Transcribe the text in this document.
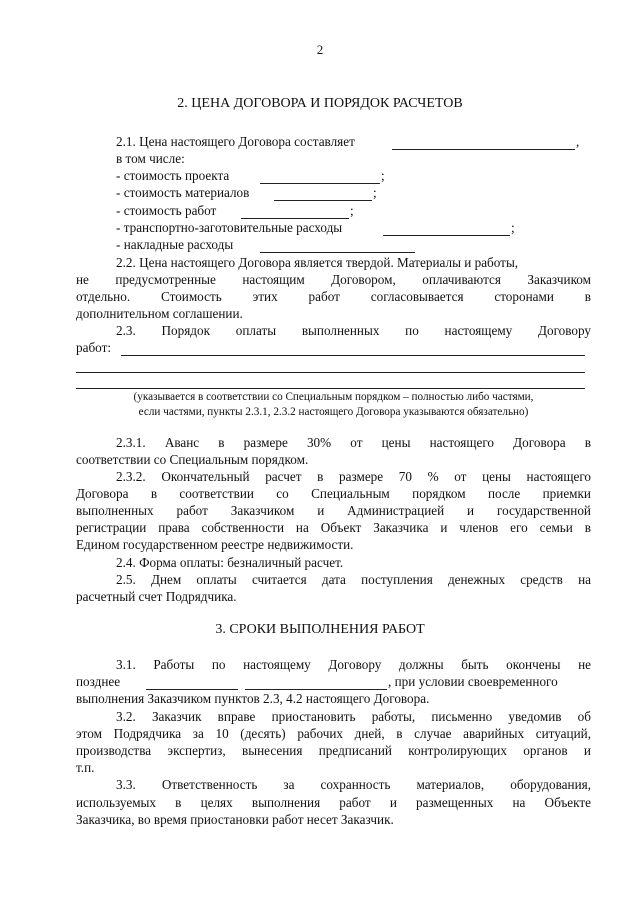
2
2. ЦЕНА ДОГОВОРА И ПОРЯДОК РАСЧЕТОВ
2.1. Цена настоящего Договора составляет	,
в том числе:
- стоимость проекта	;
- стоимость материалов	;
- стоимость работ	;
- транспортно-заготовительные расходы	;
- накладные расходы
2.2. Цена настоящего Договора является твердой. Материалы и работы,
не предусмотренные настоящим Договором, оплачиваются Заказчиком
отдельно. Стоимость этих работ согласовывается сторонами в
дополнительном соглашении.
2.3. Порядок оплаты выполненных по настоящему Договору
работ:
(указывается в соответствии со Специальным порядком – полностью либо частями,
если частями, пункты 2.3.1, 2.3.2 настоящего Договора указываются обязательно)
2.3.1. Аванс в размере 30% от цены настоящего Договора в
соответствии со Специальным порядком.
2.3.2. Окончательный расчет в размере 70 % от цены настоящего
Договора в соответствии со Специальным порядком после приемки
выполненных работ Заказчиком и Администрацией и государственной
регистрации права собственности на Объект Заказчика и членов его семьи в
Едином государственном реестре недвижимости.
2.4. Форма оплаты: безналичный расчет.
2.5. Днем оплаты считается дата поступления денежных средств на
расчетный счет Подрядчика.
3. СРОКИ ВЫПОЛНЕНИЯ РАБОТ
3.1. Работы по настоящему Договору должны быть окончены не
позднее	, при условии своевременного
выполнения Заказчиком пунктов 2.3, 4.2 настоящего Договора.
3.2. Заказчик вправе приостановить работы, письменно уведомив об
этом Подрядчика за 10 (десять) рабочих дней, в случае аварийных ситуаций,
производства экспертиз, вынесения предписаний контролирующих органов и
т.п.
3.3. Ответственность за сохранность материалов, оборудования,
используемых в целях выполнения работ и размещенных на Объекте
Заказчика, во время приостановки работ несет Заказчик.
